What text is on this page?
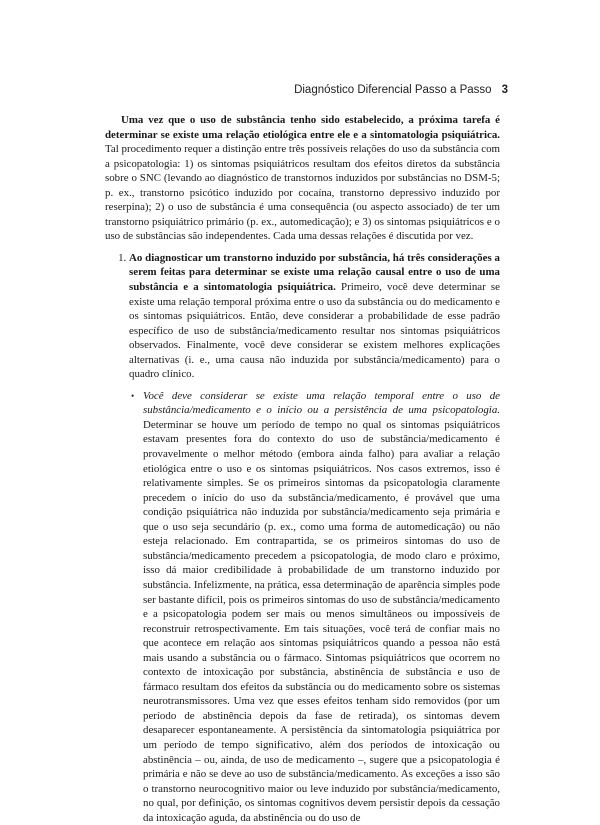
Diagnóstico Diferencial Passo a Passo 3

Uma vez que o uso de substância tenho sido estabelecido, a próxima tarefa é determinar se existe uma relação etiológica entre ele e a sintomatologia psiquiátrica. Tal procedimento requer a distinção entre três possíveis relações do uso da substância com a psicopatologia: 1) os sintomas psiquiátricos resultam dos efeitos diretos da substância sobre o SNC (levando ao diagnóstico de transtornos induzidos por substâncias no DSM-5; p. ex., transtorno psicótico induzido por cocaína, transtorno depressivo induzido por reserpina); 2) o uso de substância é uma consequência (ou aspecto associado) de ter um transtorno psiquiátrico primário (p. ex., automedicação); e 3) os sintomas psiquiátricos e o uso de substâncias são independentes. Cada uma dessas relações é discutida por vez.

1. Ao diagnosticar um transtorno induzido por substância, há três considerações a serem feitas para determinar se existe uma relação causal entre o uso de uma substância e a sintomatologia psiquiátrica. Primeiro, você deve determinar se existe uma relação temporal próxima entre o uso da substância ou do medicamento e os sintomas psiquiátricos. Então, deve considerar a probabilidade de esse padrão específico de uso de substância/medicamento resultar nos sintomas psiquiátricos observados. Finalmente, você deve considerar se existem melhores explicações alternativas (i. e., uma causa não induzida por substância/medicamento) para o quadro clínico.
• Você deve considerar se existe uma relação temporal entre o uso de substância/medicamento e o início ou a persistência de uma psicopatologia. Determinar se houve um período de tempo no qual os sintomas psiquiátricos estavam presentes fora do contexto do uso de substância/medicamento é provavelmente o melhor método (embora ainda falho) para avaliar a relação etiológica entre o uso e os sintomas psiquiátricos. Nos casos extremos, isso é relativamente simples. Se os primeiros sintomas da psicopatologia claramente precedem o início do uso da substância/medicamento, é provável que uma condição psiquiátrica não induzida por substância/medicamento seja primária e que o uso seja secundário (p. ex., como uma forma de automedicação) ou não esteja relacionado. Em contrapartida, se os primeiros sintomas do uso de substância/medicamento precedem a psicopatologia, de modo claro e próximo, isso dá maior credibilidade à probabilidade de um transtorno induzido por substância. Infelizmente, na prática, essa determinação de aparência simples pode ser bastante difícil, pois os primeiros sintomas do uso de substância/medicamento e a psicopatologia podem ser mais ou menos simultâneos ou impossíveis de reconstruir retrospectivamente. Em tais situações, você terá de confiar mais no que acontece em relação aos sintomas psiquiátricos quando a pessoa não está mais usando a substância ou o fármaco. Sintomas psiquiátricos que ocorrem no contexto de intoxicação por substância, abstinência de substância e uso de fármaco resultam dos efeitos da substância ou do medicamento sobre os sistemas neurotransmissores. Uma vez que esses efeitos tenham sido removidos (por um período de abstinência depois da fase de retirada), os sintomas devem desaparecer espontaneamente. A persistência da sintomatologia psiquiátrica por um período de tempo significativo, além dos períodos de intoxicação ou abstinência – ou, ainda, de uso de medicamento –, sugere que a psicopatologia é primária e não se deve ao uso de substância/medicamento. As exceções a isso são o transtorno neurocognitivo maior ou leve induzido por substância/medicamento, no qual, por definição, os sintomas cognitivos devem persistir depois da cessação da intoxicação aguda, da abstinência ou do uso de
